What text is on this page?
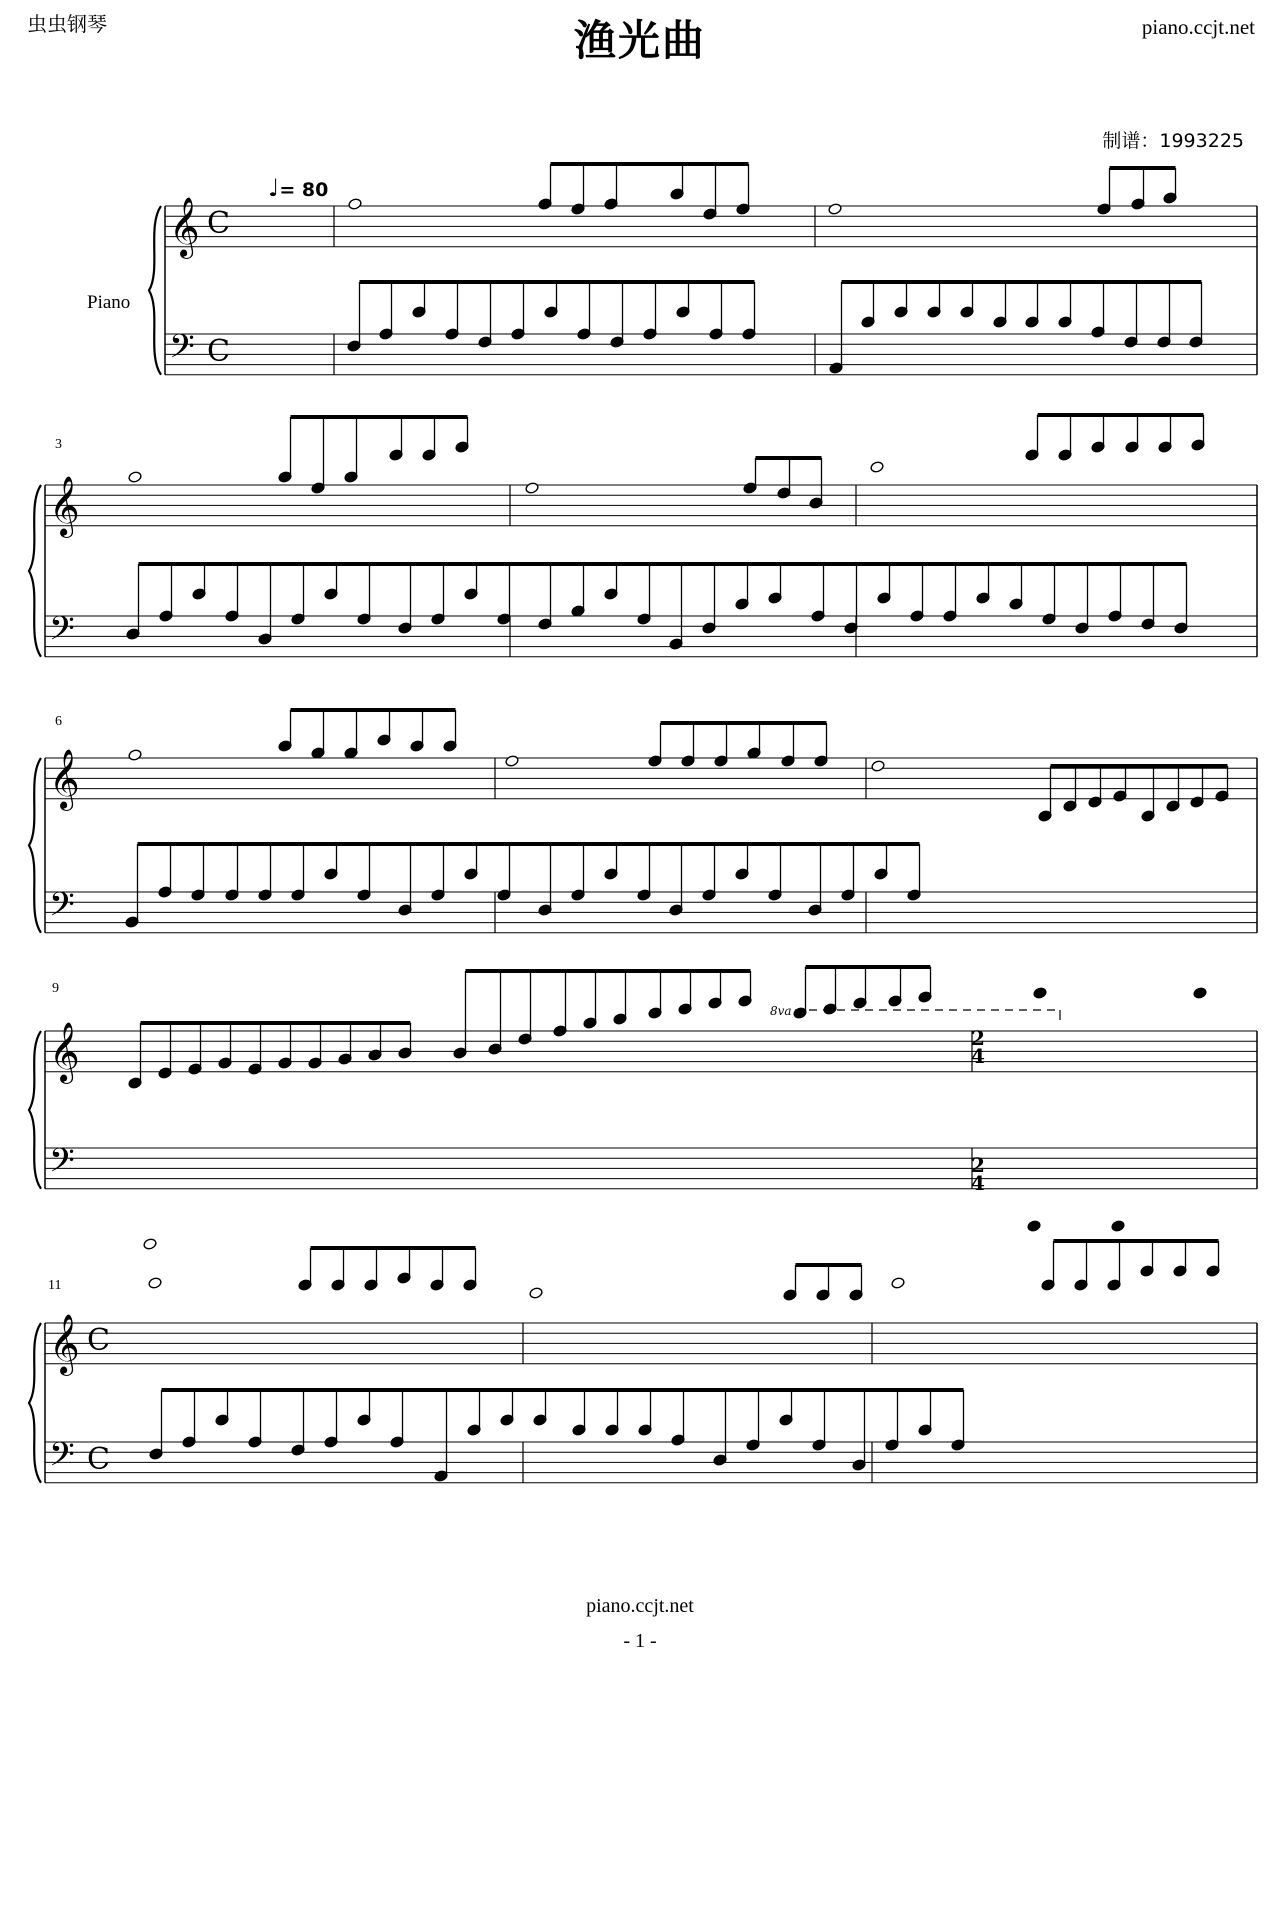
虫虫钢琴	渔光曲	piano.ccjt.net
制谱：1993225
♩= 80
Piano
3
6
9
11
𝄞
𝄢
C
C
𝄞
𝄢
𝄞
𝄢
𝄞
𝄢
𝄞
𝄢
C
C
2
4
2
4
8va
piano.ccjt.net
- 1 -
